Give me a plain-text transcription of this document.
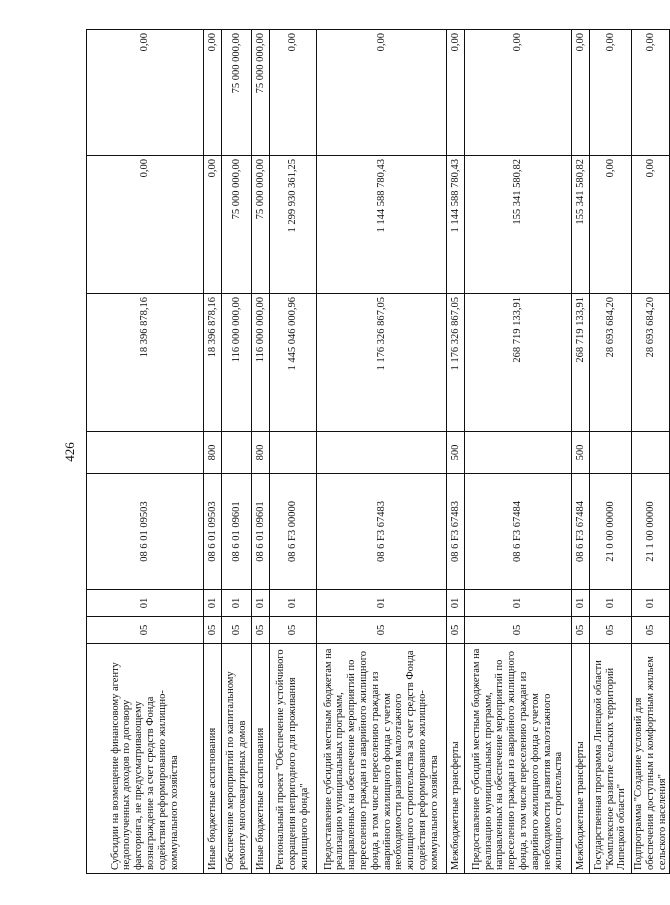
426
Субсидии на возмещение финансовому агенту недополученных доходов по договору факторинга, не предусматривающему вознаграждение за счет средств Фонда содействия реформированию жилищно-коммунального хозяйства	05	01	08 6 01 09503		18 396 878,16	0,00	0,00
Иные бюджетные ассигнования	05	01	08 6 01 09503	800	18 396 878,16	0,00	0,00
Обеспечение мероприятий по капитальному ремонту многоквартирных домов	05	01	08 6 01 09601		116 000 000,00	75 000 000,00	75 000 000,00
Иные бюджетные ассигнования	05	01	08 6 01 09601	800	116 000 000,00	75 000 000,00	75 000 000,00
Региональный проект "Обеспечение устойчивого сокращения непригодного для проживания жилищного фонда"	05	01	08 6 F3 00000		1 445 046 000,96	1 299 930 361,25	0,00
Предоставление субсидий местным бюджетам на реализацию муниципальных программ, направленных на обеспечение мероприятий по переселению граждан из аварийного жилищного фонда, в том числе переселению граждан из аварийного жилищного фонда с учетом необходимости развития малоэтажного жилищного строительства за счет средств Фонда содействия реформированию жилищно-коммунального хозяйства	05	01	08 6 F3 67483		1 176 326 867,05	1 144 588 780,43	0,00
Межбюджетные трансферты	05	01	08 6 F3 67483	500	1 176 326 867,05	1 144 588 780,43	0,00
Предоставление субсидий местным бюджетам на реализацию муниципальных программ, направленных на обеспечение мероприятий по переселению граждан из аварийного жилищного фонда, в том числе переселению граждан из аварийного жилищного фонда с учетом необходимости развития малоэтажного жилищного строительства	05	01	08 6 F3 67484		268 719 133,91	155 341 580,82	0,00
Межбюджетные трансферты	05	01	08 6 F3 67484	500	268 719 133,91	155 341 580,82	0,00
Государственная программа Липецкой области "Комплексное развитие сельских территорий Липецкой области"	05	01	21 0 00 00000		28 693 684,20	0,00	0,00
Подпрограмма "Создание условий для обеспечения доступным и комфортным жильем сельского населения"	05	01	21 1 00 00000		28 693 684,20	0,00	0,00
